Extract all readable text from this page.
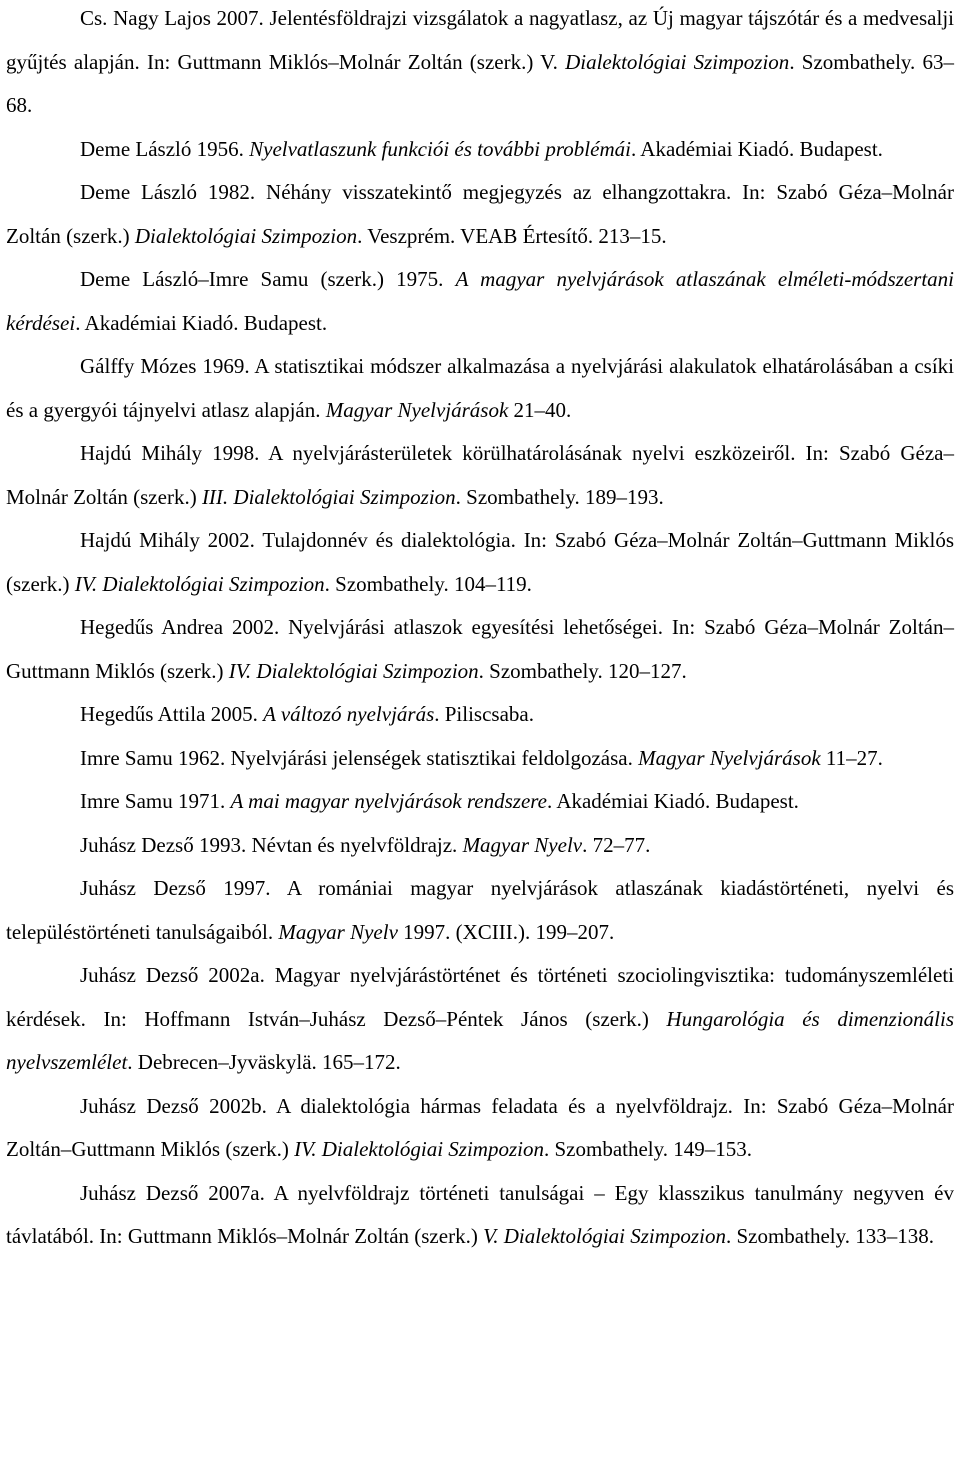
Cs. Nagy Lajos 2007. Jelentésföldrajzi vizsgálatok a nagyatlasz, az Új magyar tájszótár és a medvesalji gyűjtés alapján. In: Guttmann Miklós–Molnár Zoltán (szerk.) V. Dialektológiai Szimpozion. Szombathely. 63–68.

Deme László 1956. Nyelvatlaszunk funkciói és további problémái. Akadémiai Kiadó. Budapest.

Deme László 1982. Néhány visszatekintő megjegyzés az elhangzottakra. In: Szabó Géza–Molnár Zoltán (szerk.) Dialektológiai Szimpozion. Veszprém. VEAB Értesítő. 213–15.

Deme László–Imre Samu (szerk.) 1975. A magyar nyelvjárások atlaszának elméleti-módszertani kérdései. Akadémiai Kiadó. Budapest.

Gálffy Mózes 1969. A statisztikai módszer alkalmazása a nyelvjárási alakulatok elhatárolásában a csíki és a gyergyói tájnyelvi atlasz alapján. Magyar Nyelvjárások 21–40.

Hajdú Mihály 1998. A nyelvjárásterületek körülhatárolásának nyelvi eszközeiről. In: Szabó Géza–Molnár Zoltán (szerk.) III. Dialektológiai Szimpozion. Szombathely. 189–193.

Hajdú Mihály 2002. Tulajdonnév és dialektológia. In: Szabó Géza–Molnár Zoltán–Guttmann Miklós (szerk.) IV. Dialektológiai Szimpozion. Szombathely. 104–119.

Hegedűs Andrea 2002. Nyelvjárási atlaszok egyesítési lehetőségei. In: Szabó Géza–Molnár Zoltán–Guttmann Miklós (szerk.) IV. Dialektológiai Szimpozion. Szombathely. 120–127.

Hegedűs Attila 2005. A változó nyelvjárás. Piliscsaba.

Imre Samu 1962. Nyelvjárási jelenségek statisztikai feldolgozása. Magyar Nyelvjárások 11–27.

Imre Samu 1971. A mai magyar nyelvjárások rendszere. Akadémiai Kiadó. Budapest.

Juhász Dezső 1993. Névtan és nyelvföldrajz. Magyar Nyelv. 72–77.

Juhász Dezső 1997. A romániai magyar nyelvjárások atlaszának kiadástörténeti, nyelvi és településtörténeti tanulságaiból. Magyar Nyelv 1997. (XCIII.). 199–207.

Juhász Dezső 2002a. Magyar nyelvjárástörténet és történeti szociolingvisztika: tudományszemléleti kérdések. In: Hoffmann István–Juhász Dezső–Péntek János (szerk.) Hungarológia és dimenzionális nyelvszemlélet. Debrecen–Jyväskylä. 165–172.

Juhász Dezső 2002b. A dialektológia hármas feladata és a nyelvföldrajz. In: Szabó Géza–Molnár Zoltán–Guttmann Miklós (szerk.) IV. Dialektológiai Szimpozion. Szombathely. 149–153.

Juhász Dezső 2007a. A nyelvföldrajz történeti tanulságai – Egy klasszikus tanulmány negyven év távlatából. In: Guttmann Miklós–Molnár Zoltán (szerk.) V. Dialektológiai Szimpozion. Szombathely. 133–138.
